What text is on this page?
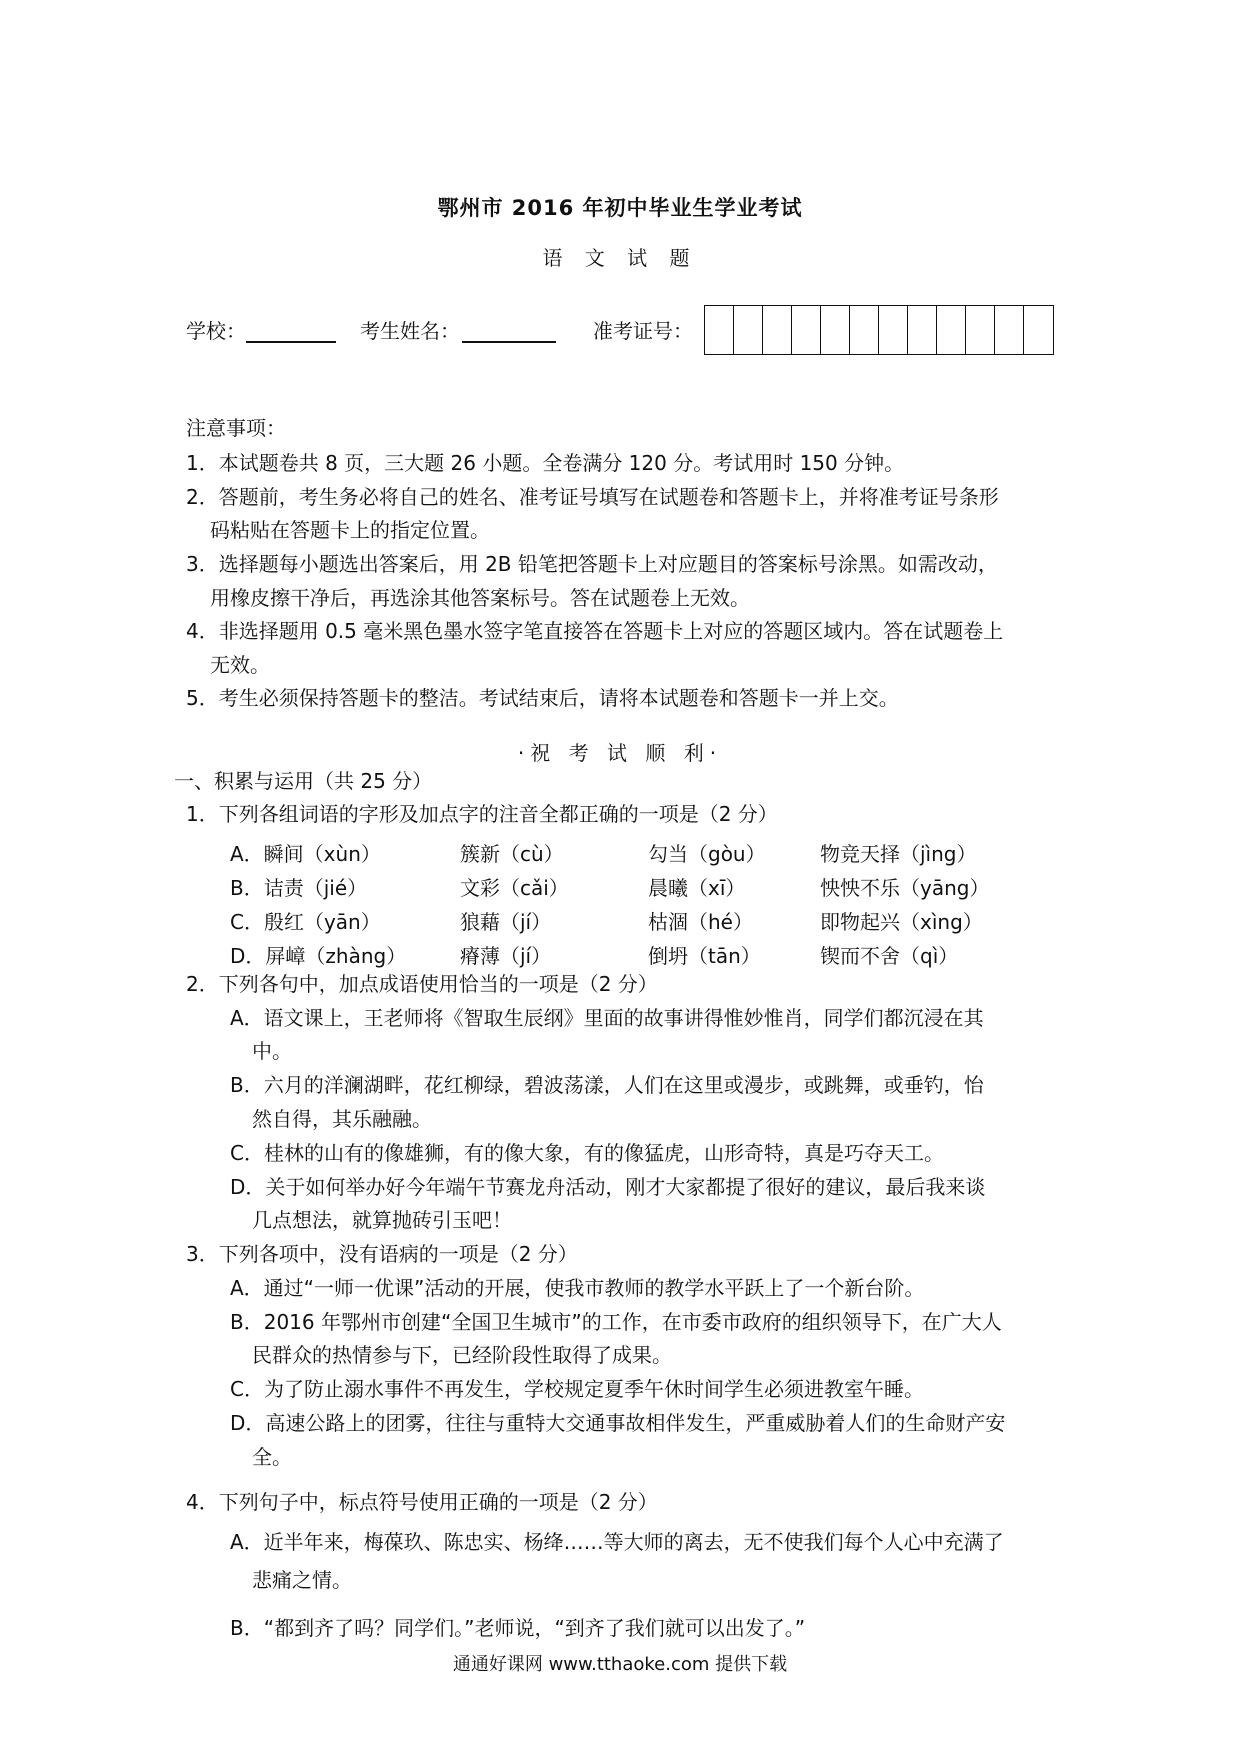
鄂州市 2016 年初中毕业生学业考试
语 文 试 题
学校：	考生姓名：	准考证号：
注意事项：
1．本试题卷共 8 页，三大题 26 小题。全卷满分 120 分。考试用时 150 分钟。
2．答题前，考生务必将自己的姓名、准考证号填写在试题卷和答题卡上，并将准考证号条形
码粘贴在答题卡上的指定位置。
3．选择题每小题选出答案后，用 2B 铅笔把答题卡上对应题目的答案标号涂黑。如需改动，
用橡皮擦干净后，再选涂其他答案标号。答在试题卷上无效。
4．非选择题用 0.5 毫米黑色墨水签字笔直接答在答题卡上对应的答题区域内。答在试题卷上
无效。
5．考生必须保持答题卡的整洁。考试结束后，请将本试题卷和答题卡一并上交。
·祝 考 试 顺 利·
一、积累与运用（共 25 分）
1．下列各组词语的字形及加点字的注音全都正确的一项是（2 分）
A．瞬间（xùn）	簇新（cù）	勾当（gòu）	物竞天择（jìng）
B．诘责（jié）	文彩（cǎi）	晨曦（xī）	怏怏不乐（yāng）
C．殷红（yān）	狼藉（jí）	枯涸（hé）	即物起兴（xìng）
D．屏嶂（zhàng）	瘠薄（jí）	倒坍（tān）	锲而不舍（qì）
2．下列各句中，加点成语使用恰当的一项是（2 分）
A．语文课上，王老师将《智取生辰纲》里面的故事讲得惟妙惟肖，同学们都沉浸在其
中。
B．六月的洋澜湖畔，花红柳绿，碧波荡漾，人们在这里或漫步，或跳舞，或垂钓，怡
然自得，其乐融融。
C．桂林的山有的像雄狮，有的像大象，有的像猛虎，山形奇特，真是巧夺天工。
D．关于如何举办好今年端午节赛龙舟活动，刚才大家都提了很好的建议，最后我来谈
几点想法，就算抛砖引玉吧！
3．下列各项中，没有语病的一项是（2 分）
A．通过“一师一优课”活动的开展，使我市教师的教学水平跃上了一个新台阶。
B．2016 年鄂州市创建“全国卫生城市”的工作，在市委市政府的组织领导下，在广大人
民群众的热情参与下，已经阶段性取得了成果。
C．为了防止溺水事件不再发生，学校规定夏季午休时间学生必须进教室午睡。
D．高速公路上的团雾，往往与重特大交通事故相伴发生，严重威胁着人们的生命财产安
全。
4．下列句子中，标点符号使用正确的一项是（2 分）
A．近半年来，梅葆玖、陈忠实、杨绛……等大师的离去，无不使我们每个人心中充满了
悲痛之情。
B．“都到齐了吗？同学们。”老师说，“到齐了我们就可以出发了。”
通通好课网 www.tthaoke.com 提供下载
